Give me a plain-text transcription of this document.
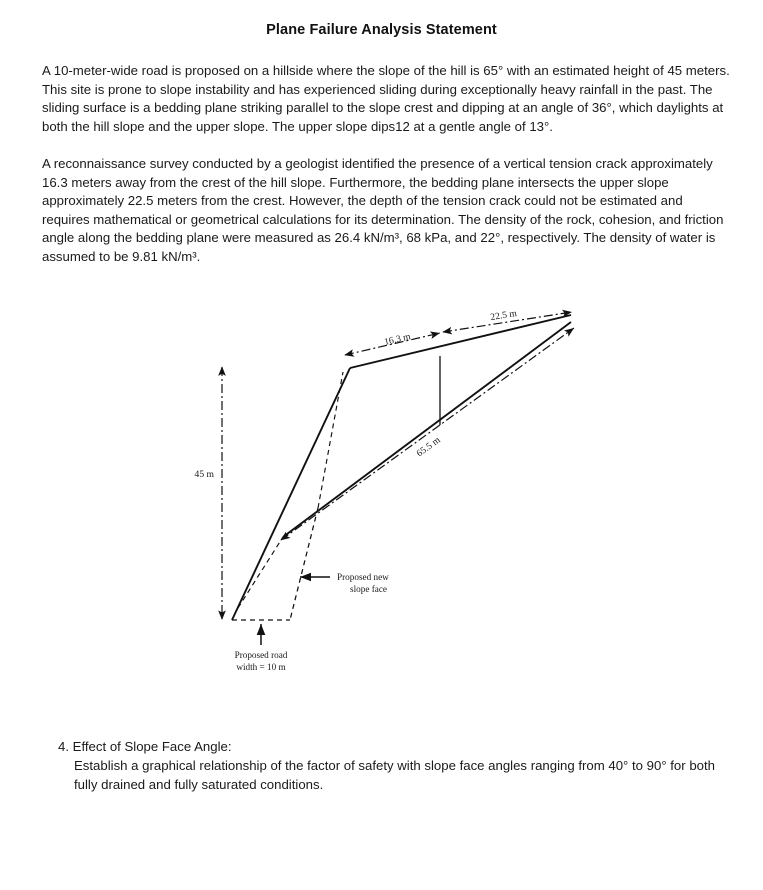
Plane Failure Analysis Statement
A 10-meter-wide road is proposed on a hillside where the slope of the hill is 65° with an estimated height of 45 meters. This site is prone to slope instability and has experienced sliding during exceptionally heavy rainfall in the past. The sliding surface is a bedding plane striking parallel to the slope crest and dipping at an angle of 36°, which daylights at both the hill slope and the upper slope. The upper slope dips12 at a gentle angle of 13°.
A reconnaissance survey conducted by a geologist identified the presence of a vertical tension crack approximately 16.3 meters away from the crest of the hill slope. Furthermore, the bedding plane intersects the upper slope approximately 22.5 meters from the crest. However, the depth of the tension crack could not be estimated and requires mathematical or geometrical calculations for its determination. The density of the rock, cohesion, and friction angle along the bedding plane were measured as 26.4 kN/m³, 68 kPa, and 22°, respectively. The density of water is assumed to be 9.81 kN/m³.
16.3 m
22.5 m
65.5 m
45 m
Proposed new
slope face
Proposed road
width = 10 m

4. Effect of Slope Face Angle:

Establish a graphical relationship of the factor of safety with slope face angles ranging from 40° to 90° for both fully drained and fully saturated conditions.
